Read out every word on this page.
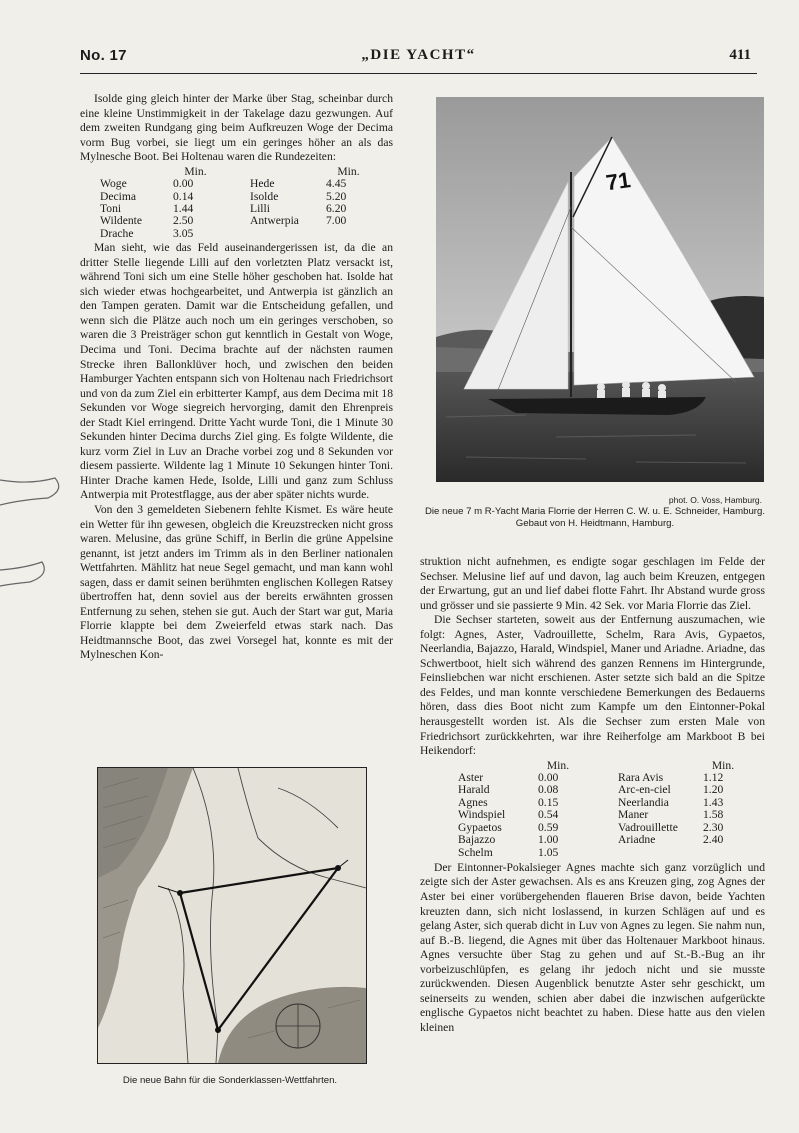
No. 17	„DIE YACHT“	411

Isolde ging gleich hinter der Marke über Stag, scheinbar durch eine kleine Unstimmigkeit in der Takelage dazu gezwungen. Auf dem zweiten Rundgang ging beim Aufkreuzen Woge der Decima vorm Bug vorbei, sie liegt um ein geringes höher an als das Mylnesche Boot. Bei Holtenau waren die Rundezeiten:

	Min.
Woge	0.00
Decima	0.14
Toni	1.44
Wildente	2.50
Drache	3.05
	Min.
Hede	4.45
Isolde	5.20
Lilli	6.20
Antwerpia	7.00

Man sieht, wie das Feld auseinandergerissen ist, da die an dritter Stelle liegende Lilli auf den vorletzten Platz versackt ist, während Toni sich um eine Stelle höher geschoben hat. Isolde hat sich wieder etwas hochgearbeitet, und Antwerpia ist gänzlich an den Tampen geraten. Damit war die Entscheidung gefallen, und wenn sich die Plätze auch noch um ein geringes verschoben, so waren die 3 Preisträger schon gut kenntlich in Gestalt von Woge, Decima und Toni. Decima brachte auf der nächsten raumen Strecke ihren Ballonklüver hoch, und zwischen den beiden Hamburger Yachten entspann sich von Holtenau nach Friedrichsort und von da zum Ziel ein erbitterter Kampf, aus dem Decima mit 18 Sekunden vor Woge siegreich hervorging, damit den Ehrenpreis der Stadt Kiel erringend. Dritte Yacht wurde Toni, die 1 Minute 30 Sekunden hinter Decima durchs Ziel ging. Es folgte Wildente, die kurz vorm Ziel in Luv an Drache vorbei zog und 8 Sekunden vor diesem passierte. Wildente lag 1 Minute 10 Sekungen hinter Toni. Hinter Drache kamen Hede, Isolde, Lilli und ganz zum Schluss Antwerpia mit Protestflagge, aus der aber später nichts wurde.

Von den 3 gemeldeten Siebenern fehlte Kismet. Es wäre heute ein Wetter für ihn gewesen, obgleich die Kreuzstrecken nicht gross waren. Melusine, das grüne Schiff, in Berlin die grüne Appelsine genannt, ist jetzt anders im Trimm als in den Berliner nationalen Wettfahrten. Mählitz hat neue Segel gemacht, und man kann wohl sagen, dass er damit seinen berühmten englischen Kollegen Ratsey übertroffen hat, denn soviel aus der bereits erwähnten grossen Entfernung zu sehen, stehen sie gut. Auch der Start war gut, Maria Florrie klappte bei dem Zweierfeld etwas stark nach. Das Heidtmannsche Boot, das zwei Vorsegel hat, konnte es mit der Mylneschen Kon-

71
phot. O. Voss, Hamburg.
Die neue 7 m R-Yacht Maria Florrie der Herren C. W. u. E. Schneider, Hamburg. Gebaut von H. Heidtmann, Hamburg.

struktion nicht aufnehmen, es endigte sogar geschlagen im Felde der Sechser. Melusine lief auf und davon, lag auch beim Kreuzen, entgegen der Erwartung, gut an und lief dabei flotte Fahrt. Ihr Abstand wurde gross und grösser und sie passierte 9 Min. 42 Sek. vor Maria Florrie das Ziel.

Die Sechser starteten, soweit aus der Entfernung auszumachen, wie folgt: Agnes, Aster, Vadrouillette, Schelm, Rara Avis, Gypaetos, Neerlandia, Bajazzo, Harald, Windspiel, Maner und Ariadne. Ariadne, das Schwertboot, hielt sich während des ganzen Rennens im Hintergrunde, Feinsliebchen war nicht erschienen. Aster setzte sich bald an die Spitze des Feldes, und man konnte verschiedene Bemerkungen des Bedauerns hören, dass dies Boot nicht zum Kampfe um den Eintonner-Pokal herausgestellt worden ist. Als die Sechser zum ersten Male von Friedrichsort zurückkehrten, war ihre Reiherfolge am Markboot B bei Heikendorf:

	Min.
Aster	0.00
Harald	0.08
Agnes	0.15
Windspiel	0.54
Gypaetos	0.59
Bajazzo	1.00
Schelm	1.05
	Min.
Rara Avis	1.12
Arc-en-ciel	1.20
Neerlandia	1.43
Maner	1.58
Vadrouillette	2.30
Ariadne	2.40

Der Eintonner-Pokalsieger Agnes machte sich ganz vorzüglich und zeigte sich der Aster gewachsen. Als es ans Kreuzen ging, zog Agnes der Aster bei einer vorübergehenden flaueren Brise davon, beide Yachten kreuzten dann, sich nicht loslassend, in kurzen Schlägen auf und es gelang Aster, sich querab dicht in Luv von Agnes zu legen. Sie nahm nun, auf B.-B. liegend, die Agnes mit über das Holtenauer Markboot hinaus. Agnes versuchte über Stag zu gehen und auf St.-B.-Bug an ihr vorbeizuschlüpfen, es gelang ihr jedoch nicht und sie musste zurückwenden. Diesen Augenblick benutzte Aster sehr geschickt, um seinerseits zu wenden, schien aber dabei die inzwischen aufgerückte englische Gypaetos nicht beachtet zu haben. Diese hatte aus den vielen kleinen

Die neue Bahn für die Sonderklassen-Wettfahrten.
